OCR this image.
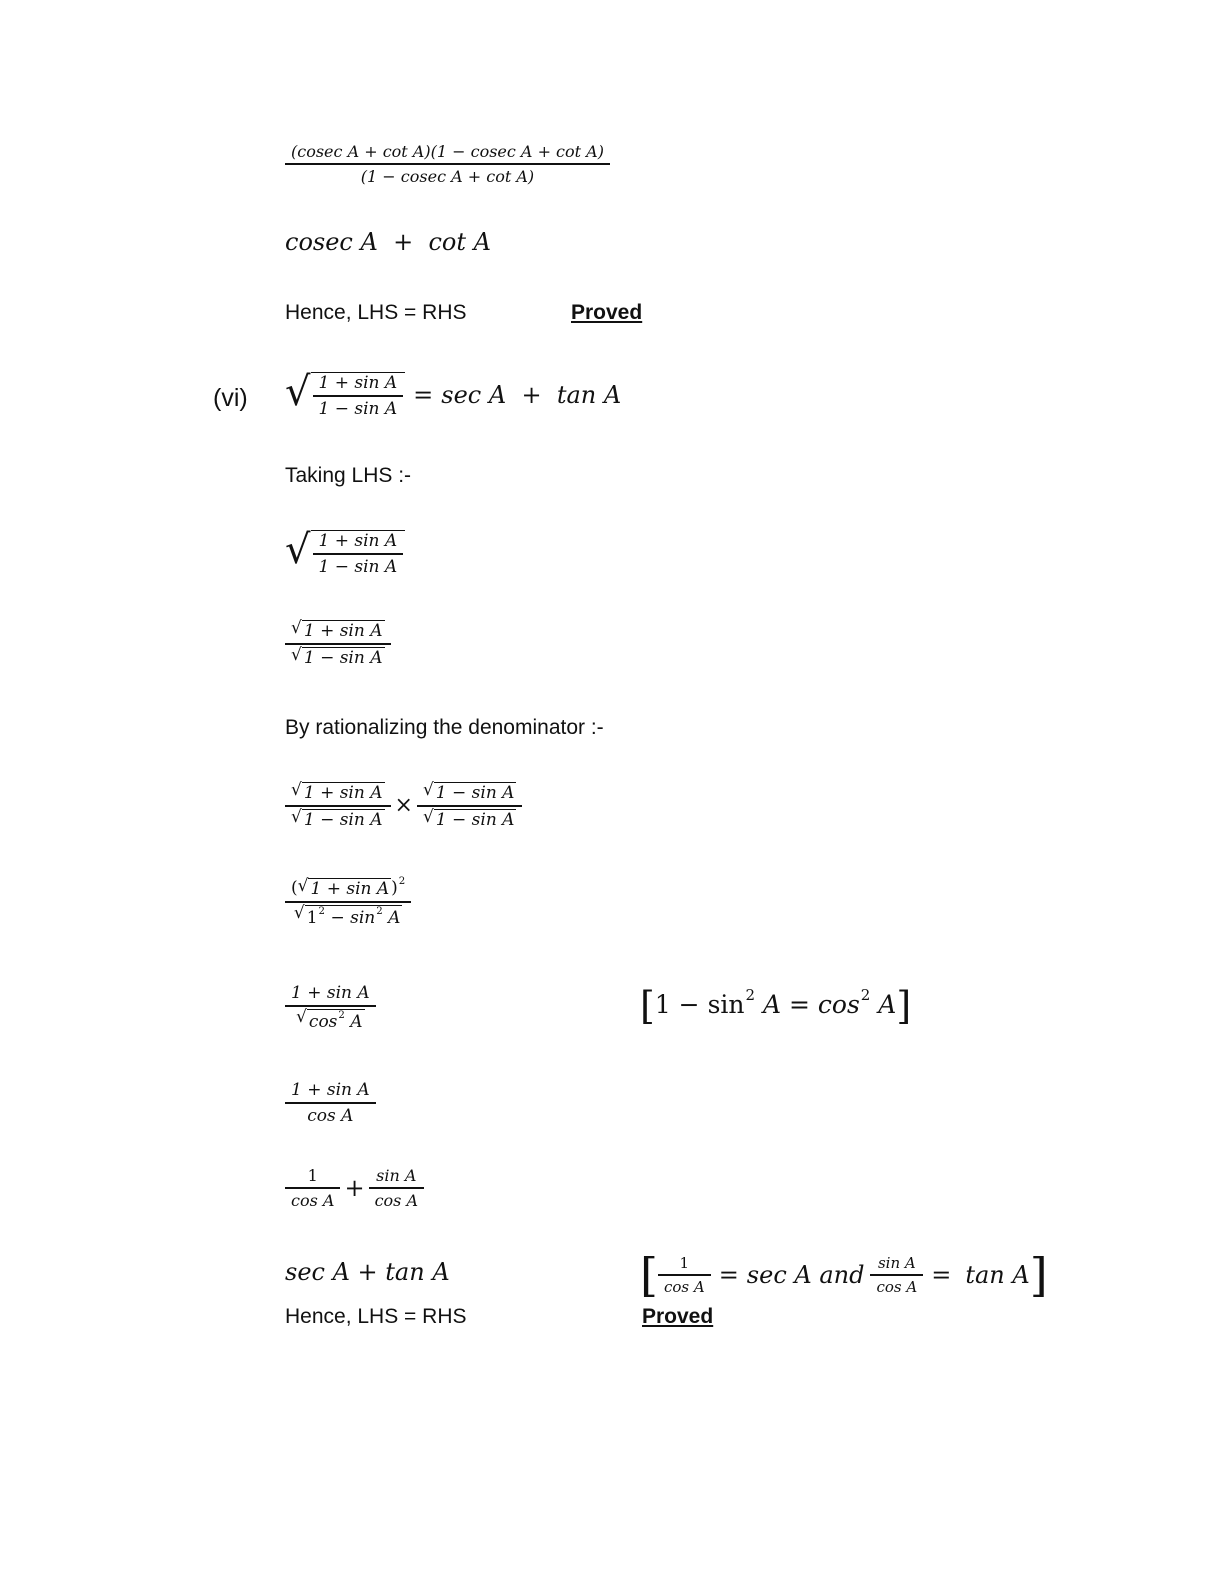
$\frac{\text{(cosec A + cot A)(1 − cosec A + cot A)}}{\text{(1 − cosec A + cot A)}}$
cosec A  +  cot A
Hence, LHS = RHS	Proved
(vi) √ $\frac{\text{1 + sin A}}{\text{1 − sin A}} = \sec A + \tan A$
Taking LHS :-
√ $\frac{\text{1 + sin A}}{\text{1 − sin A}}$
$\frac{\text{√ 1 + sin A}}{\text{√ 1 − sin A}}$
By rationalizing the denominator :-
$\frac{\text{√ 1 + sin A}}{\text{√ 1 − sin A}} \times \frac{\text{√ 1 − sin A}}{\text{√ 1 − sin A}}$
$\frac{( √ 1 + \sin A )^2}{√ 1^2 - \sin^2 A}$
$\frac{\text{1 + sin A}}{√ \cos^2 A}$	$[1 - \sin^2 A = \cos^2 A]$
$\frac{\text{1 + sin A}}{\text{cos A}}$
$\frac{1}{\text{cos A}} + \frac{\text{sin A}}{\text{cos A}}$
sec A + tan A	[ $\frac{1}{\text{cos A}} = \sec A$ and $\frac{\text{sin A}}{\text{cos A}} = \tan A$ ]
Hence, LHS = RHS	Proved
